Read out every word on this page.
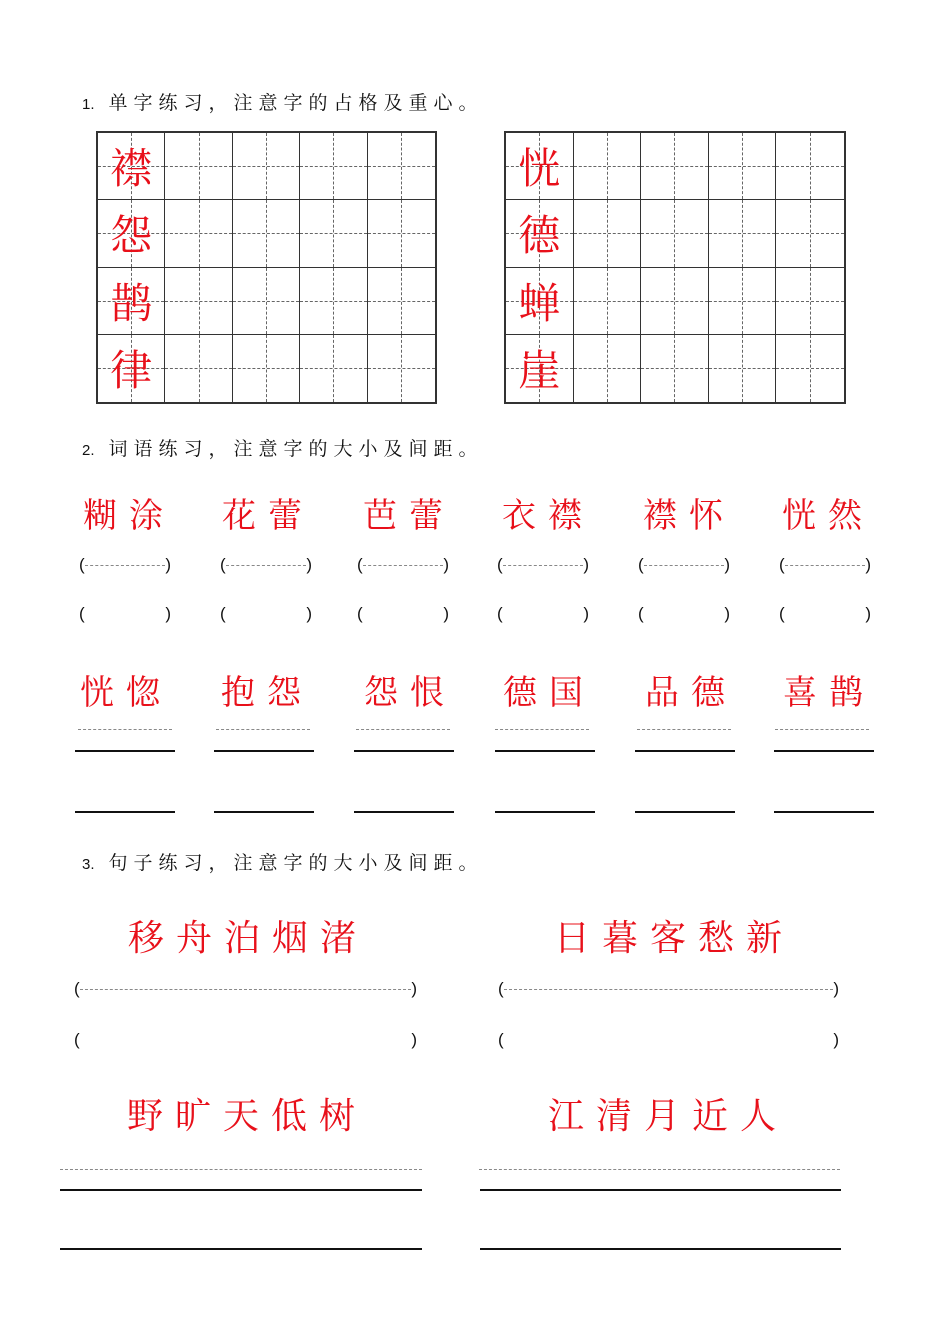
1. 单字练习，注意字的占格及重心。
襟
怨
鹊
律
恍
德
蝉
崖
2. 词语练习，注意字的大小及间距。
糊涂 花蕾 芭蕾 衣襟 襟怀 恍然
(	)	(	)	(	)	(	)	(	)	(	)
(	)	(	)	(	)	(	)	(	)	(	)
恍惚 抱怨 怨恨 德国 品德 喜鹊
3. 句子练习，注意字的大小及间距。
移舟泊烟渚	日暮客愁新
(	)	(	)
(	)	(	)
野旷天低树	江清月近人
